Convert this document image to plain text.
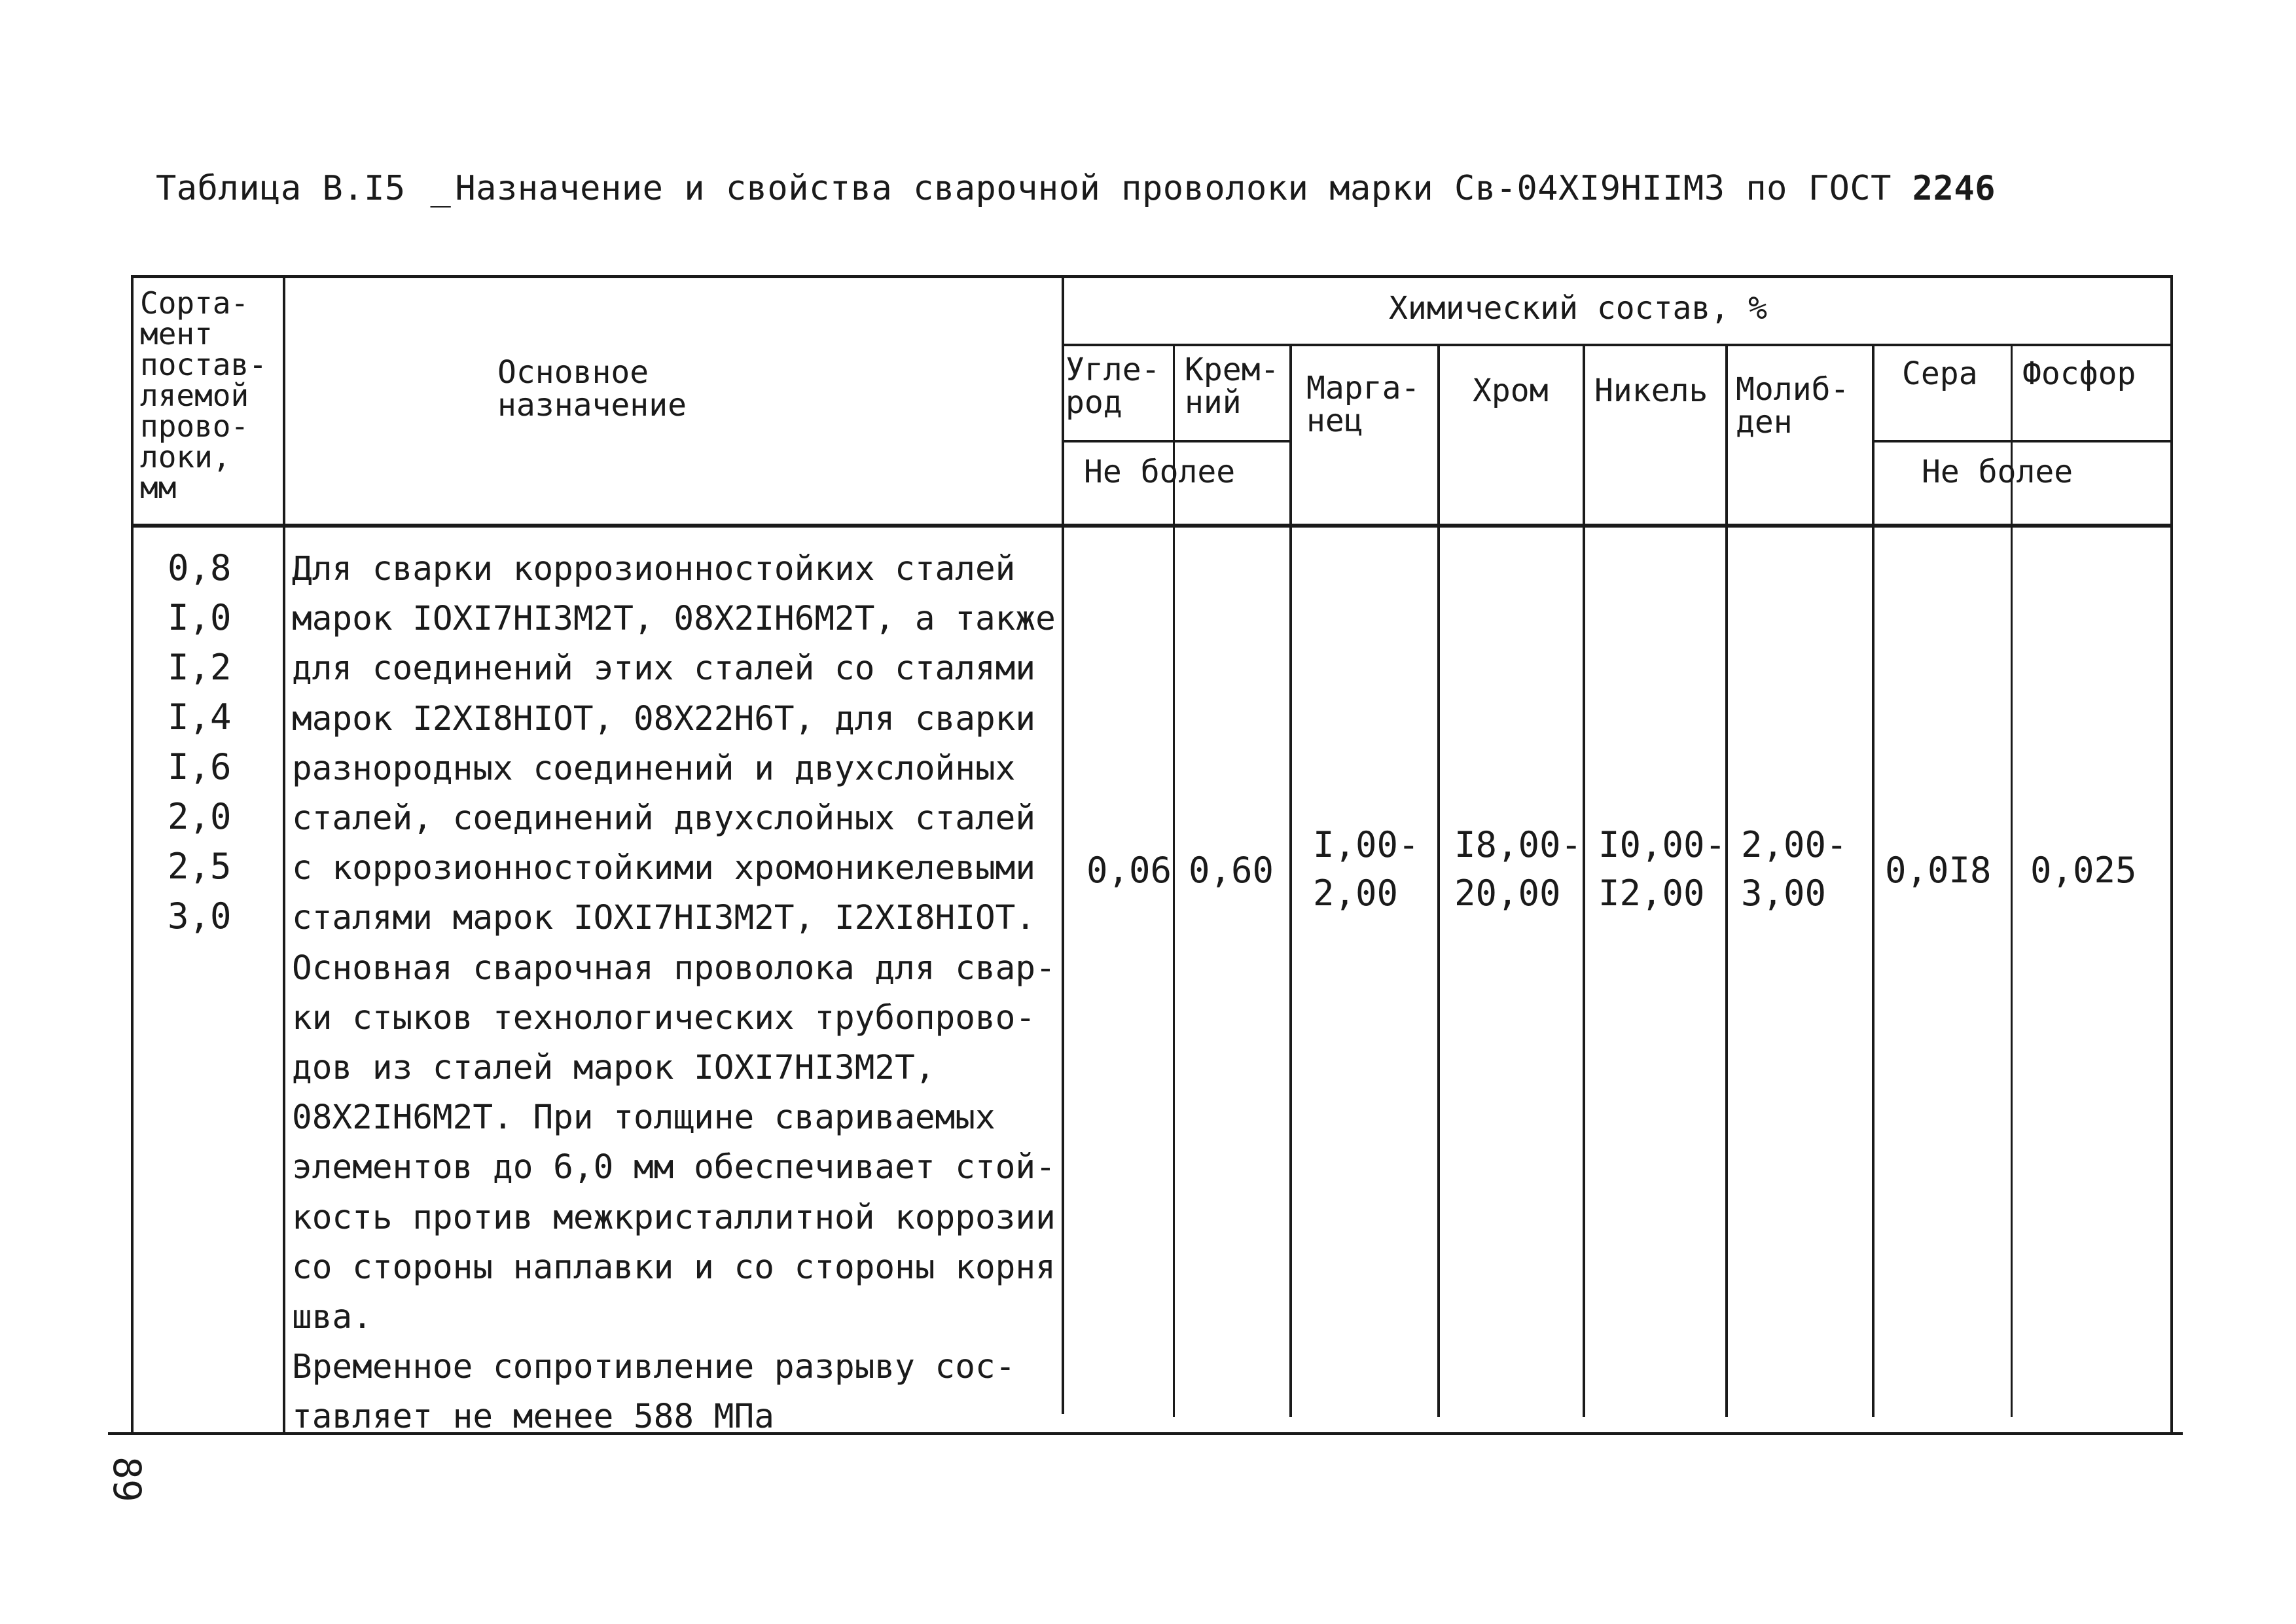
Таблица В.I5 _ Назначение и свойства сварочной проволоки марки Св-04ХI9НIIМ3 по ГОСТ 2246
Сорта-
мент
постав-
ляемой
прово-
локи,
мм
Основное
назначение
Химический состав, %
Угле-
род
Крем-
ний	Марга-
нец
Хром Никель Молиб-
ден
Сера Фосфор
Не более	Не более
0,8
I,0
I,2
I,4
I,6
2,0
2,5
3,0
Для сварки коррозионностойких сталей
марок IОХI7НI3М2Т, 08Х2IН6М2Т, а также
для соединений этих сталей со сталями
марок I2ХI8НIОТ, 08Х22Н6Т, для сварки
разнородных соединений и двухслойных
сталей, соединений двухслойных сталей
с коррозионностойкими хромоникелевыми
сталями марок IОХI7НI3М2Т, I2ХI8НIОТ.
Основная сварочная проволока для свар-
ки стыков технологических трубопрово-
дов из сталей марок IОХI7НI3М2Т,
08Х2IН6М2Т. При толщине свариваемых
элементов до 6,0 мм обеспечивает стой-
кость против межкристаллитной коррозии
со стороны наплавки и со стороны корня
шва.
Временное сопротивление разрыву сос-
тавляет не менее 588 МПа
0,06 0,60
I,00-
2,00
I8,00-
20,00
I0,00-
I2,00
2,00-
3,00
0,0I8 0,025
89
